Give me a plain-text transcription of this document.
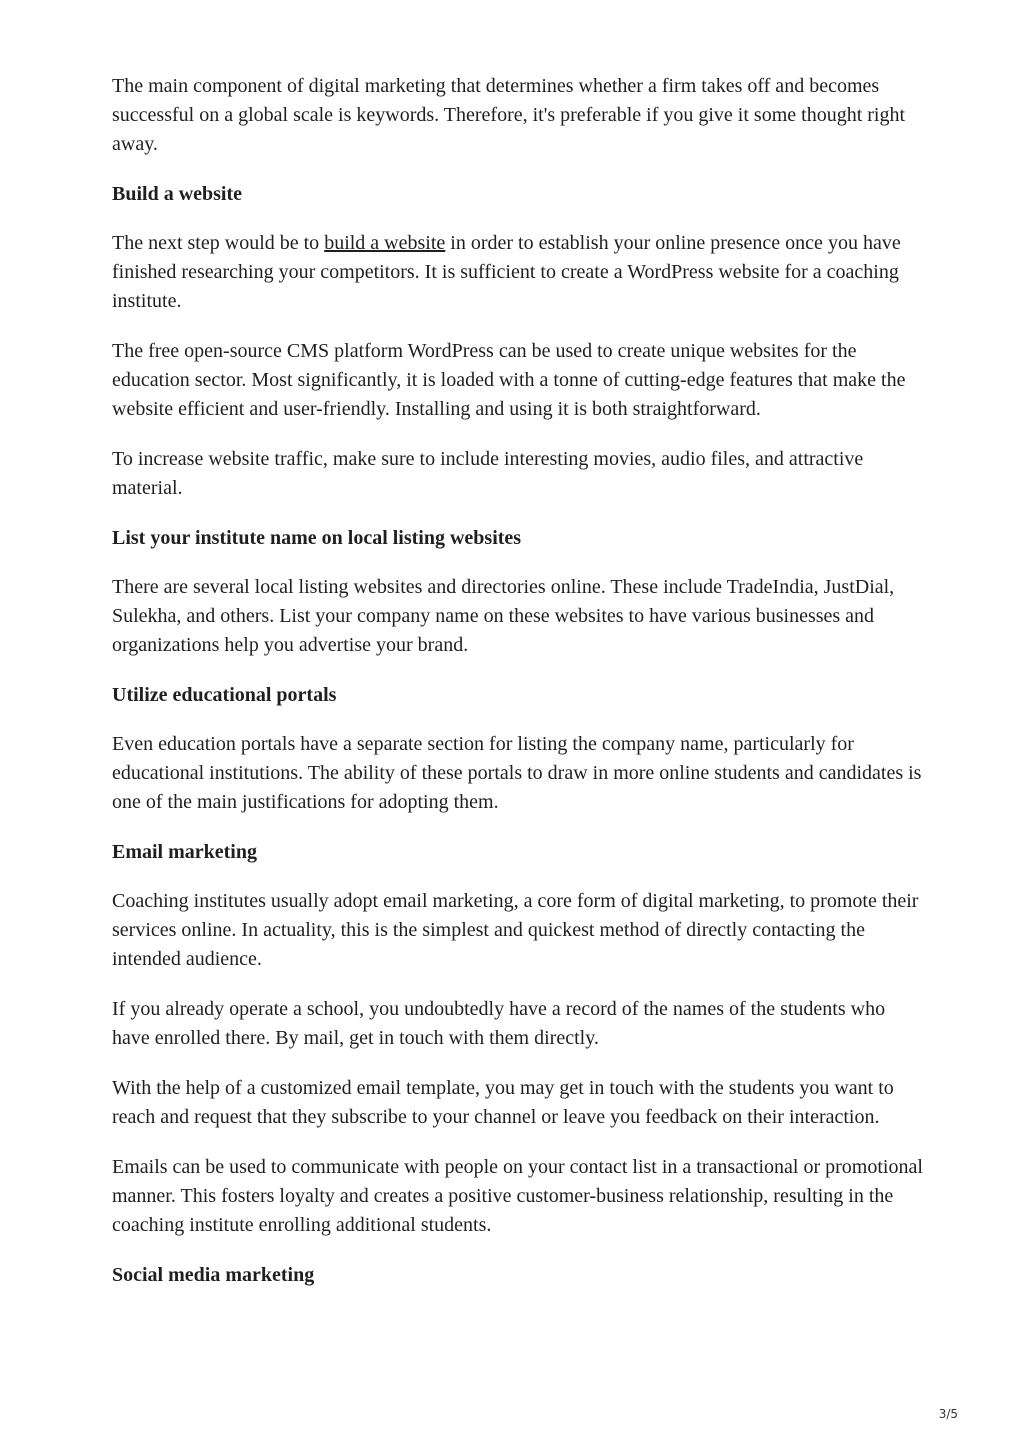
The main component of digital marketing that determines whether a firm takes off and becomes successful on a global scale is keywords. Therefore, it's preferable if you give it some thought right away.

Build a website

The next step would be to build a website in order to establish your online presence once you have finished researching your competitors. It is sufficient to create a WordPress website for a coaching institute.

The free open-source CMS platform WordPress can be used to create unique websites for the education sector. Most significantly, it is loaded with a tonne of cutting-edge features that make the website efficient and user-friendly. Installing and using it is both straightforward.

To increase website traffic, make sure to include interesting movies, audio files, and attractive material.

List your institute name on local listing websites

There are several local listing websites and directories online. These include TradeIndia, JustDial, Sulekha, and others. List your company name on these websites to have various businesses and organizations help you advertise your brand.

Utilize educational portals

Even education portals have a separate section for listing the company name, particularly for educational institutions. The ability of these portals to draw in more online students and candidates is one of the main justifications for adopting them.

Email marketing

Coaching institutes usually adopt email marketing, a core form of digital marketing, to promote their services online. In actuality, this is the simplest and quickest method of directly contacting the intended audience.

If you already operate a school, you undoubtedly have a record of the names of the students who have enrolled there. By mail, get in touch with them directly.

With the help of a customized email template, you may get in touch with the students you want to reach and request that they subscribe to your channel or leave you feedback on their interaction.

Emails can be used to communicate with people on your contact list in a transactional or promotional manner. This fosters loyalty and creates a positive customer-business relationship, resulting in the coaching institute enrolling additional students.

Social media marketing
3/5
